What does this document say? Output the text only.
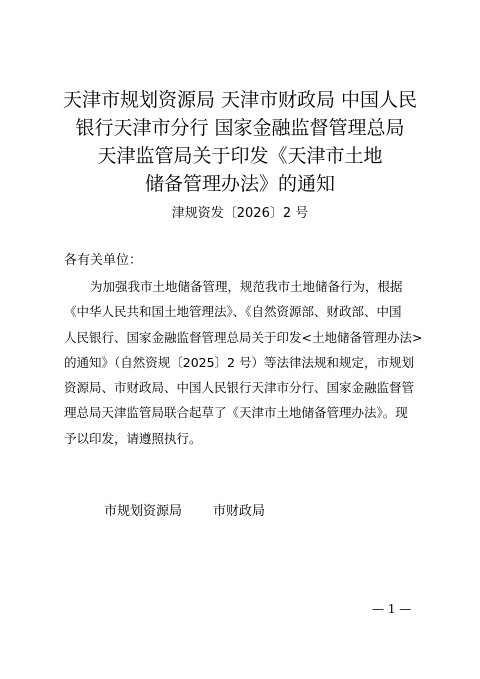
天津市规划资源局 天津市财政局 中国人民
银行天津市分行 国家金融监督管理总局
天津监管局关于印发《天津市土地
储备管理办法》的通知
津规资发〔2026〕2 号
各有关单位：
为加强我市土地储备管理，规范我市土地储备行为，根据
《中华人民共和国土地管理法》、《自然资源部、财政部、中国
人民银行、国家金融监督管理总局关于印发<土地储备管理办法>
的通知》（自然资规〔2025〕2 号）等法律法规和规定，市规划
资源局、市财政局、中国人民银行天津市分行、国家金融监督管
理总局天津监管局联合起草了《天津市土地储备管理办法》。现
予以印发，请遵照执行。
市规划资源局 市财政局
— 1 —
